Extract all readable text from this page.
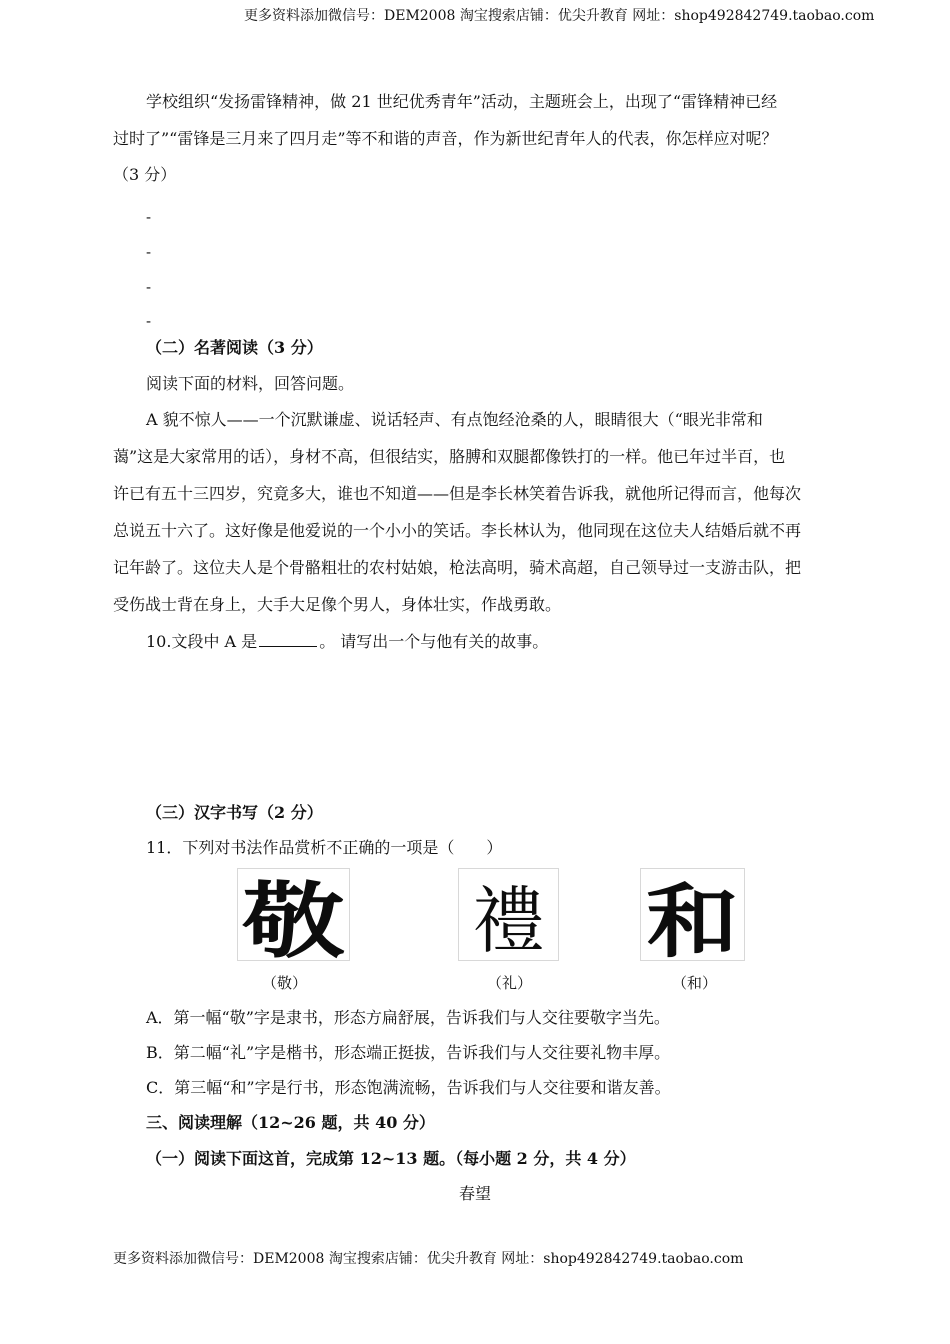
更多资料添加微信号：DEM2008 淘宝搜索店铺：优尖升教育 网址：shop492842749.taobao.com
学校组织“发扬雷锋精神，做 21 世纪优秀青年”活动，主题班会上，出现了“雷锋精神已经
过时了”“雷锋是三月来了四月走”等不和谐的声音，作为新世纪青年人的代表，你怎样应对呢？
（3 分）
-
-
-
-
（二）名著阅读（3 分）
阅读下面的材料，回答问题。
A 貌不惊人——一个沉默谦虚、说话轻声、有点饱经沧桑的人，眼睛很大（“眼光非常和
蔼”这是大家常用的话），身材不高，但很结实，胳膊和双腿都像铁打的一样。他已年过半百，也
许已有五十三四岁，究竟多大，谁也不知道——但是李长林笑着告诉我，就他所记得而言，他每次
总说五十六了。这好像是他爱说的一个小小的笑话。李长林认为，他同现在这位夫人结婚后就不再
记年龄了。这位夫人是个骨骼粗壮的农村姑娘，枪法高明，骑术高超，自己领导过一支游击队，把
受伤战士背在身上，大手大足像个男人，身体壮实，作战勇敢。
10.文段中 A 是	。 请写出一个与他有关的故事。
（三）汉字书写（2 分）
11．下列对书法作品赏析不正确的一项是（　　）
敬 禮 和
（敬）	（礼）	（和）
A．第一幅“敬”字是隶书，形态方扁舒展，告诉我们与人交往要敬字当先。
B．第二幅“礼”字是楷书，形态端正挺拔，告诉我们与人交往要礼物丰厚。
C．第三幅“和”字是行书，形态饱满流畅，告诉我们与人交往要和谐友善。
三、阅读理解（12~26 题，共 40 分）
（一）阅读下面这首，完成第 12~13 题。（每小题 2 分，共 4 分）
春望
更多资料添加微信号：DEM2008 淘宝搜索店铺：优尖升教育 网址：shop492842749.taobao.com
